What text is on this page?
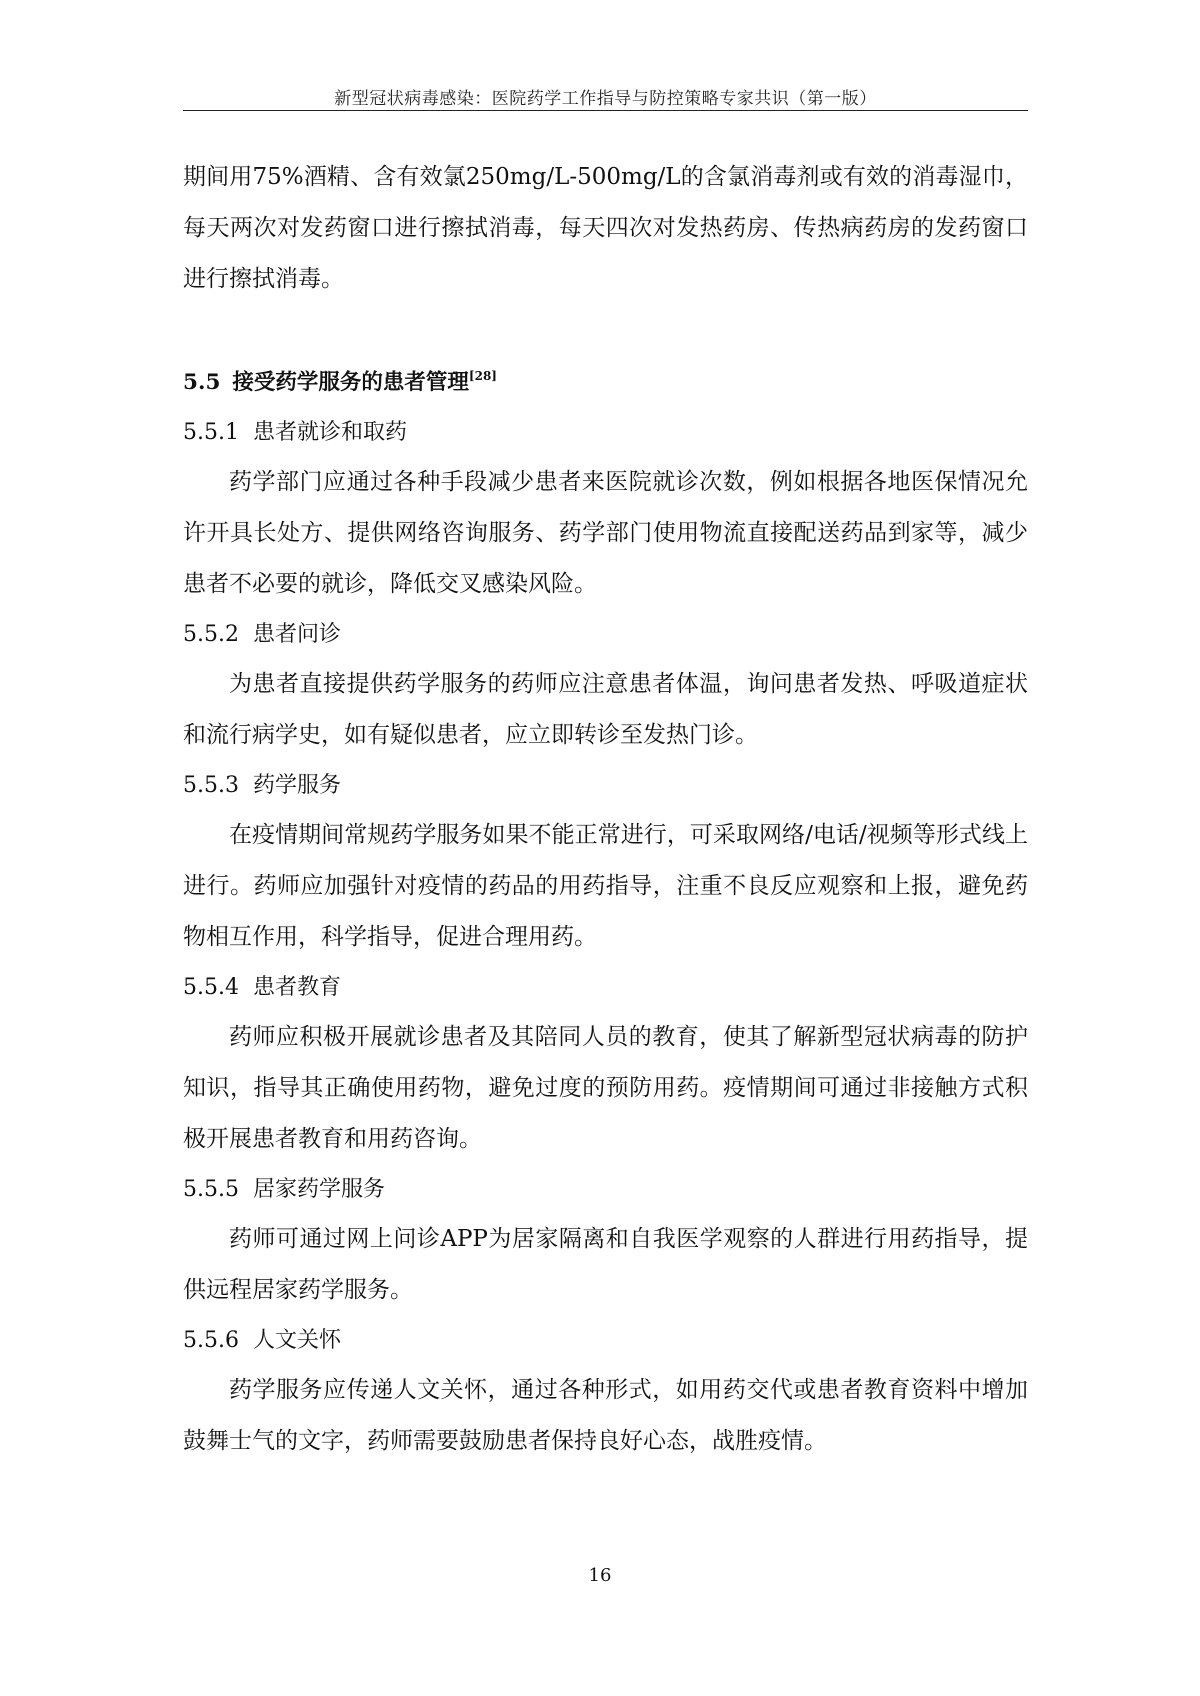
新型冠状病毒感染：医院药学工作指导与防控策略专家共识（第一版）

期间用75%酒精、含有效氯250mg/L-500mg/L的含氯消毒剂或有效的消毒湿巾，每天两次对发药窗口进行擦拭消毒，每天四次对发热药房、传热病药房的发药窗口进行擦拭消毒。

5.5 接受药学服务的患者管理[28]
5.5.1 患者就诊和取药

药学部门应通过各种手段减少患者来医院就诊次数，例如根据各地医保情况允许开具长处方、提供网络咨询服务、药学部门使用物流直接配送药品到家等，减少患者不必要的就诊，降低交叉感染风险。

5.5.2 患者问诊

为患者直接提供药学服务的药师应注意患者体温，询问患者发热、呼吸道症状和流行病学史，如有疑似患者，应立即转诊至发热门诊。

5.5.3 药学服务

在疫情期间常规药学服务如果不能正常进行，可采取网络/电话/视频等形式线上进行。药师应加强针对疫情的药品的用药指导，注重不良反应观察和上报，避免药物相互作用，科学指导，促进合理用药。

5.5.4 患者教育

药师应积极开展就诊患者及其陪同人员的教育，使其了解新型冠状病毒的防护知识，指导其正确使用药物，避免过度的预防用药。疫情期间可通过非接触方式积极开展患者教育和用药咨询。

5.5.5 居家药学服务

药师可通过网上问诊APP为居家隔离和自我医学观察的人群进行用药指导，提供远程居家药学服务。

5.5.6 人文关怀

药学服务应传递人文关怀，通过各种形式，如用药交代或患者教育资料中增加鼓舞士气的文字，药师需要鼓励患者保持良好心态，战胜疫情。

16
